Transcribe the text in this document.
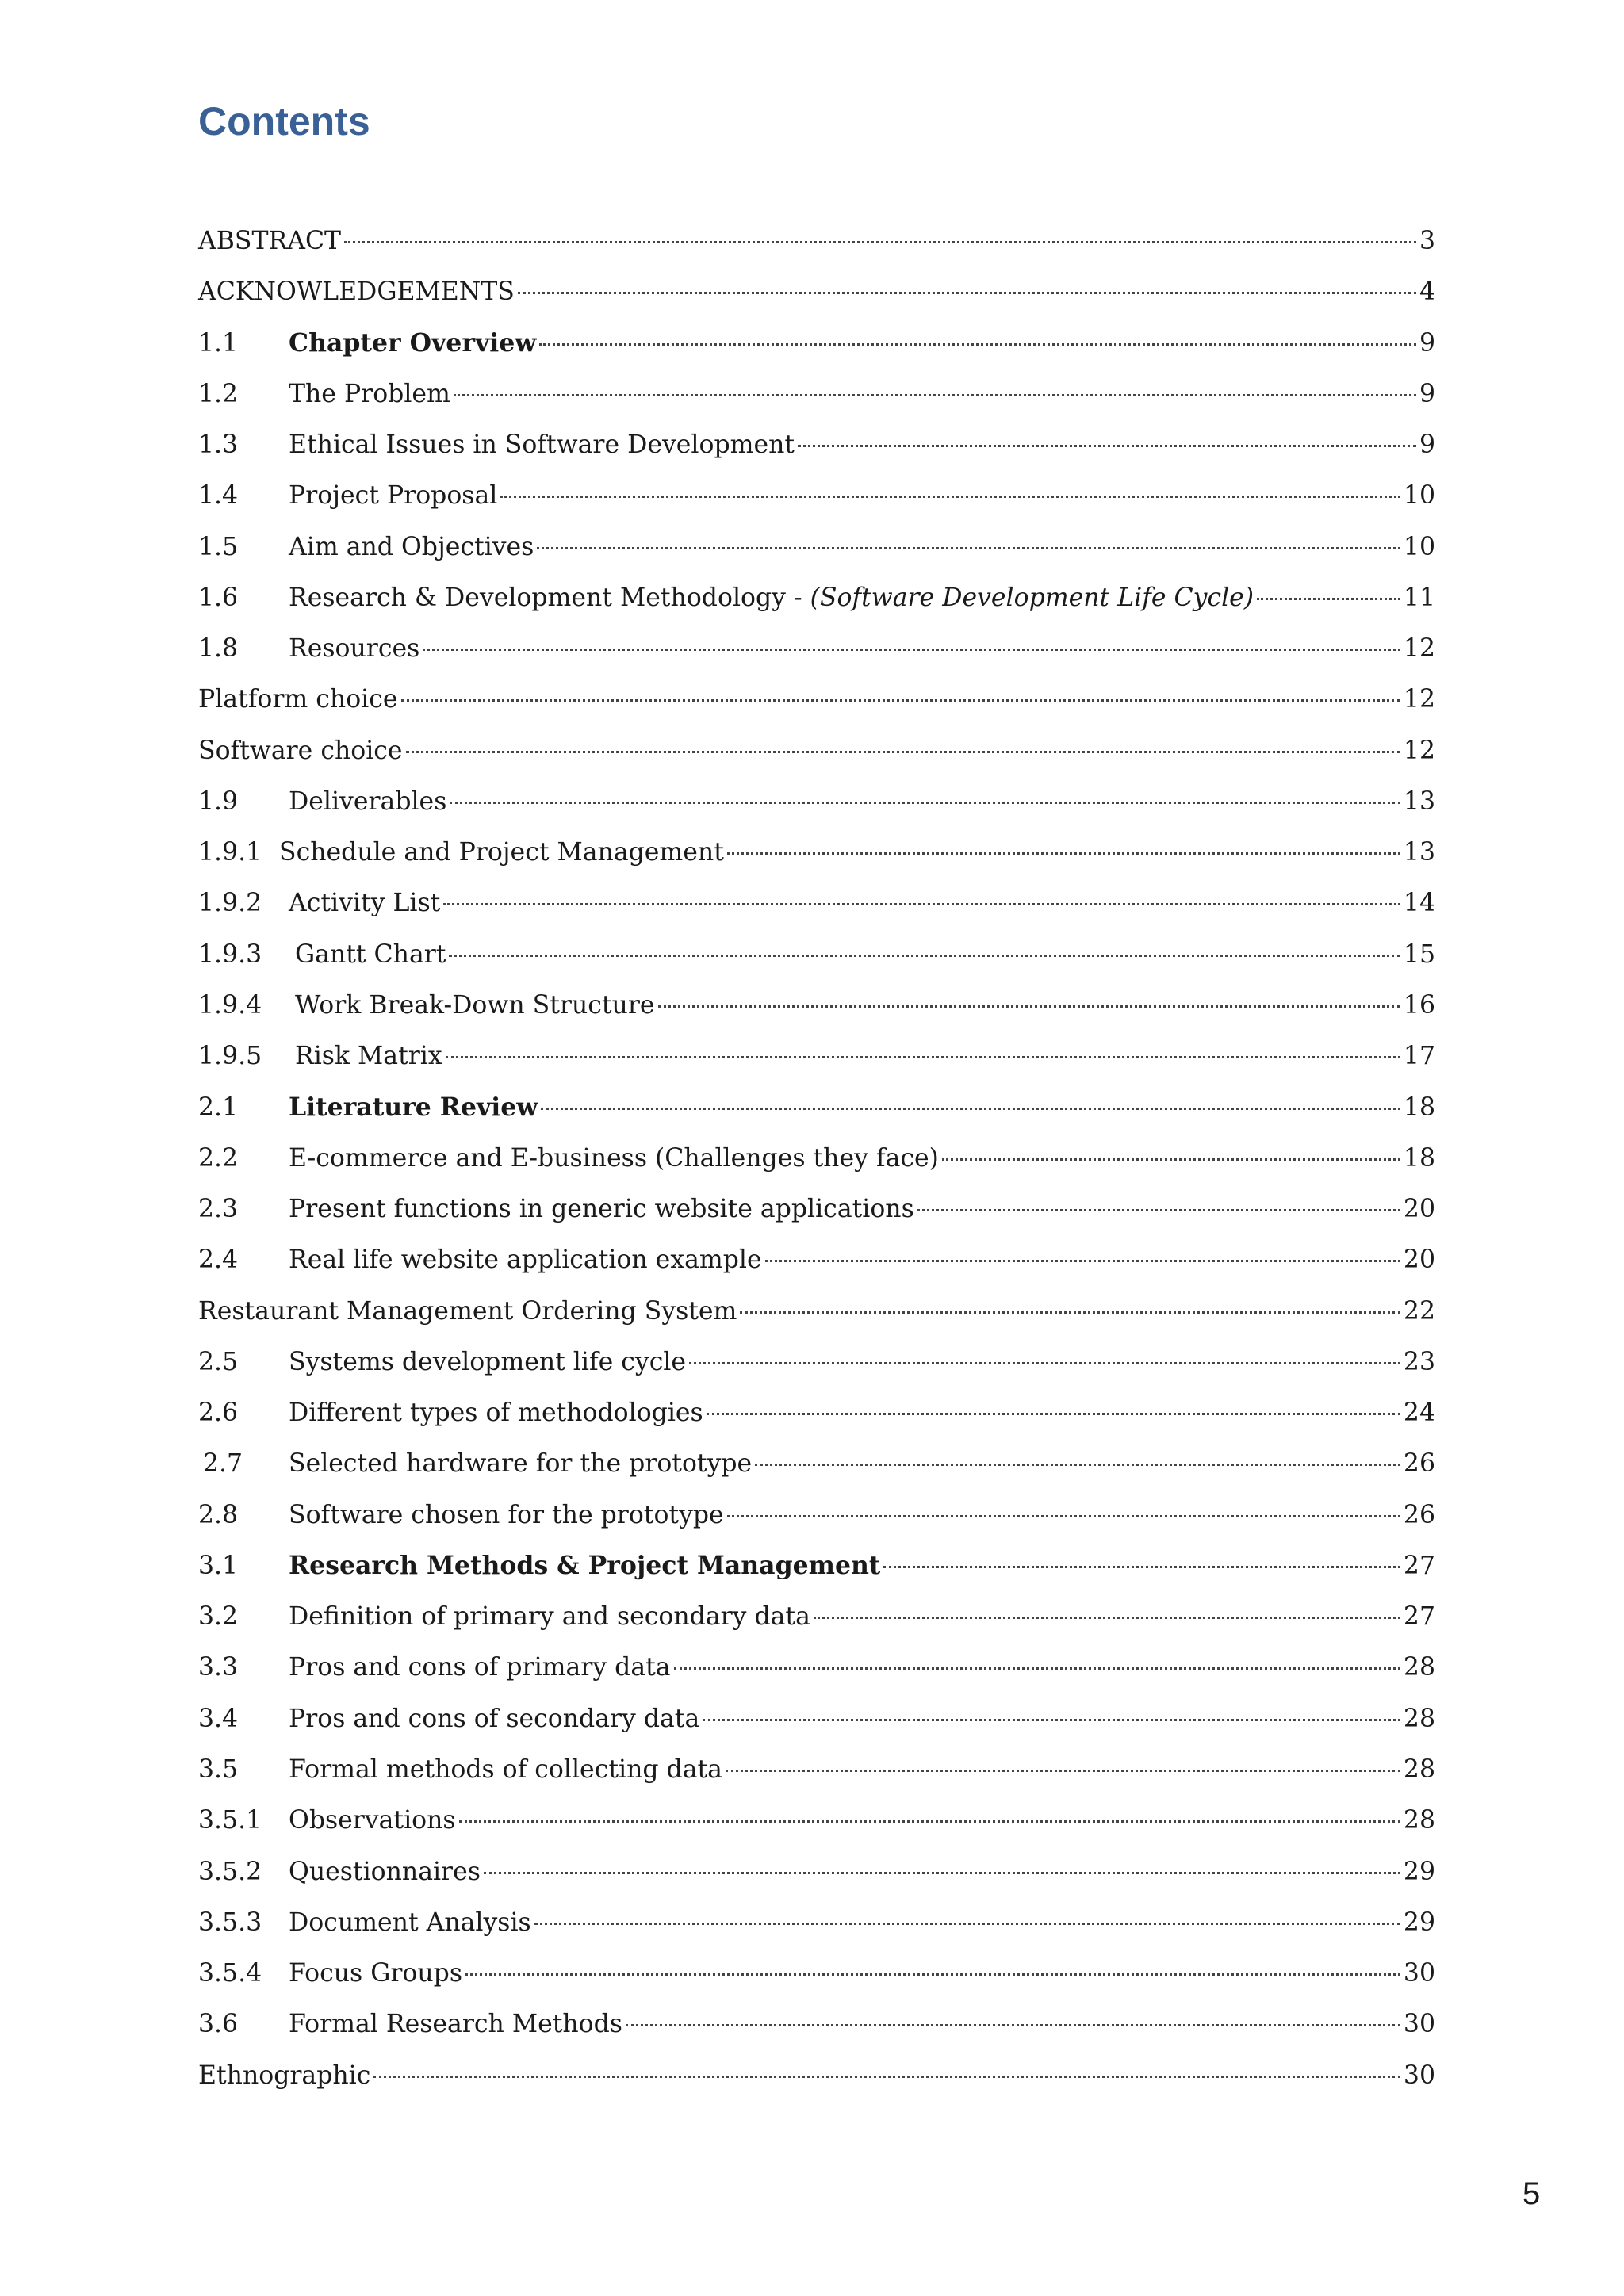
Contents
ABSTRACT	3
ACKNOWLEDGEMENTS	4
1.1	Chapter Overview	9
1.2	The Problem	9
1.3	Ethical Issues in Software Development	9
1.4	Project Proposal	10
1.5	Aim and Objectives	10
1.6	Research & Development Methodology - (Software Development Life Cycle)	11
1.8	Resources	12
Platform choice	12
Software choice	12
1.9	Deliverables	13
1.9.1 Schedule and Project Management	13
1.9.2	Activity List	14
1.9.3	Gantt Chart	15
1.9.4	Work Break-Down Structure	16
1.9.5	Risk Matrix	17
2.1	Literature Review	18
2.2	E-commerce and E-business (Challenges they face)	18
2.3	Present functions in generic website applications	20
2.4	Real life website application example	20
Restaurant Management Ordering System	22
2.5	Systems development life cycle	23
2.6	Different types of methodologies	24
2.7	Selected hardware for the prototype	26
2.8	Software chosen for the prototype	26
3.1	Research Methods & Project Management	27
3.2	Definition of primary and secondary data	27
3.3	Pros and cons of primary data	28
3.4	Pros and cons of secondary data	28
3.5	Formal methods of collecting data	28
3.5.1	Observations	28
3.5.2	Questionnaires	29
3.5.3	Document Analysis	29
3.5.4	Focus Groups	30
3.6	Formal Research Methods	30
Ethnographic	30
5
